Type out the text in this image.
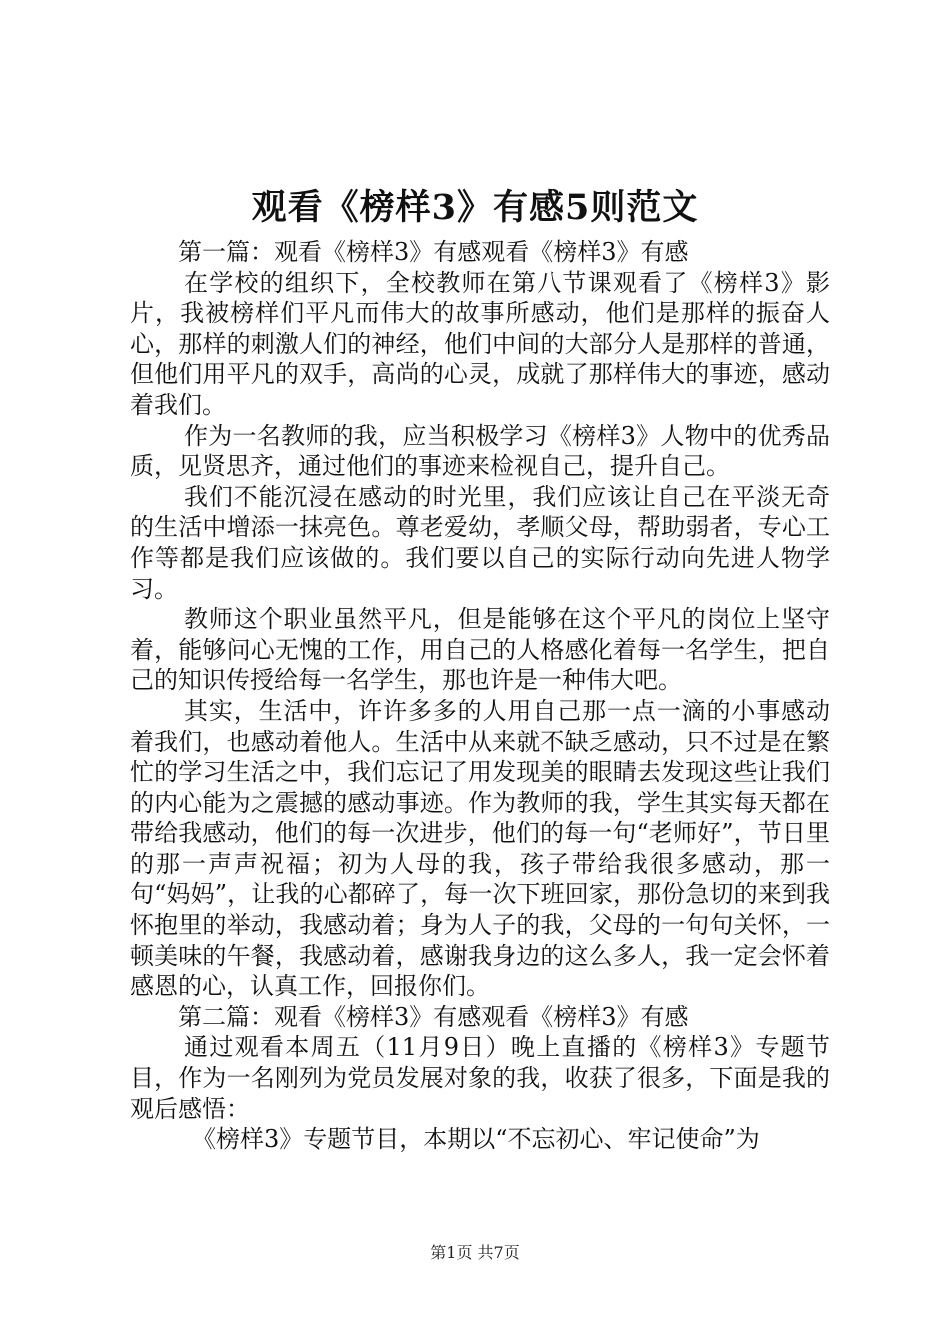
观看《榜样3》有感5则范文

第一篇：观看《榜样3》有感观看《榜样3》有感

在学校的组织下，全校教师在第八节课观看了《榜样3》影片，我被榜样们平凡而伟大的故事所感动，他们是那样的振奋人心，那样的刺激人们的神经，他们中间的大部分人是那样的普通，但他们用平凡的双手，高尚的心灵，成就了那样伟大的事迹，感动着我们。

作为一名教师的我，应当积极学习《榜样3》人物中的优秀品质，见贤思齐，通过他们的事迹来检视自己，提升自己。

我们不能沉浸在感动的时光里，我们应该让自己在平淡无奇的生活中增添一抹亮色。尊老爱幼，孝顺父母，帮助弱者，专心工作等都是我们应该做的。我们要以自己的实际行动向先进人物学习。

教师这个职业虽然平凡，但是能够在这个平凡的岗位上坚守着，能够问心无愧的工作，用自己的人格感化着每一名学生，把自己的知识传授给每一名学生，那也许是一种伟大吧。

其实，生活中，许许多多的人用自己那一点一滴的小事感动着我们，也感动着他人。生活中从来就不缺乏感动，只不过是在繁忙的学习生活之中，我们忘记了用发现美的眼睛去发现这些让我们的内心能为之震撼的感动事迹。作为教师的我，学生其实每天都在带给我感动，他们的每一次进步，他们的每一句“老师好”，节日里的那一声声祝福；初为人母的我，孩子带给我很多感动，那一句“妈妈”，让我的心都碎了，每一次下班回家，那份急切的来到我怀抱里的举动，我感动着；身为人子的我，父母的一句句关怀，一顿美味的午餐，我感动着，感谢我身边的这么多人，我一定会怀着感恩的心，认真工作，回报你们。

第二篇：观看《榜样3》有感观看《榜样3》有感

通过观看本周五（11月9日）晚上直播的《榜样3》专题节目，作为一名刚列为党员发展对象的我，收获了很多，下面是我的观后感悟：

《榜样3》专题节目，本期以“不忘初心、牢记使命”为

第1页 共7页
